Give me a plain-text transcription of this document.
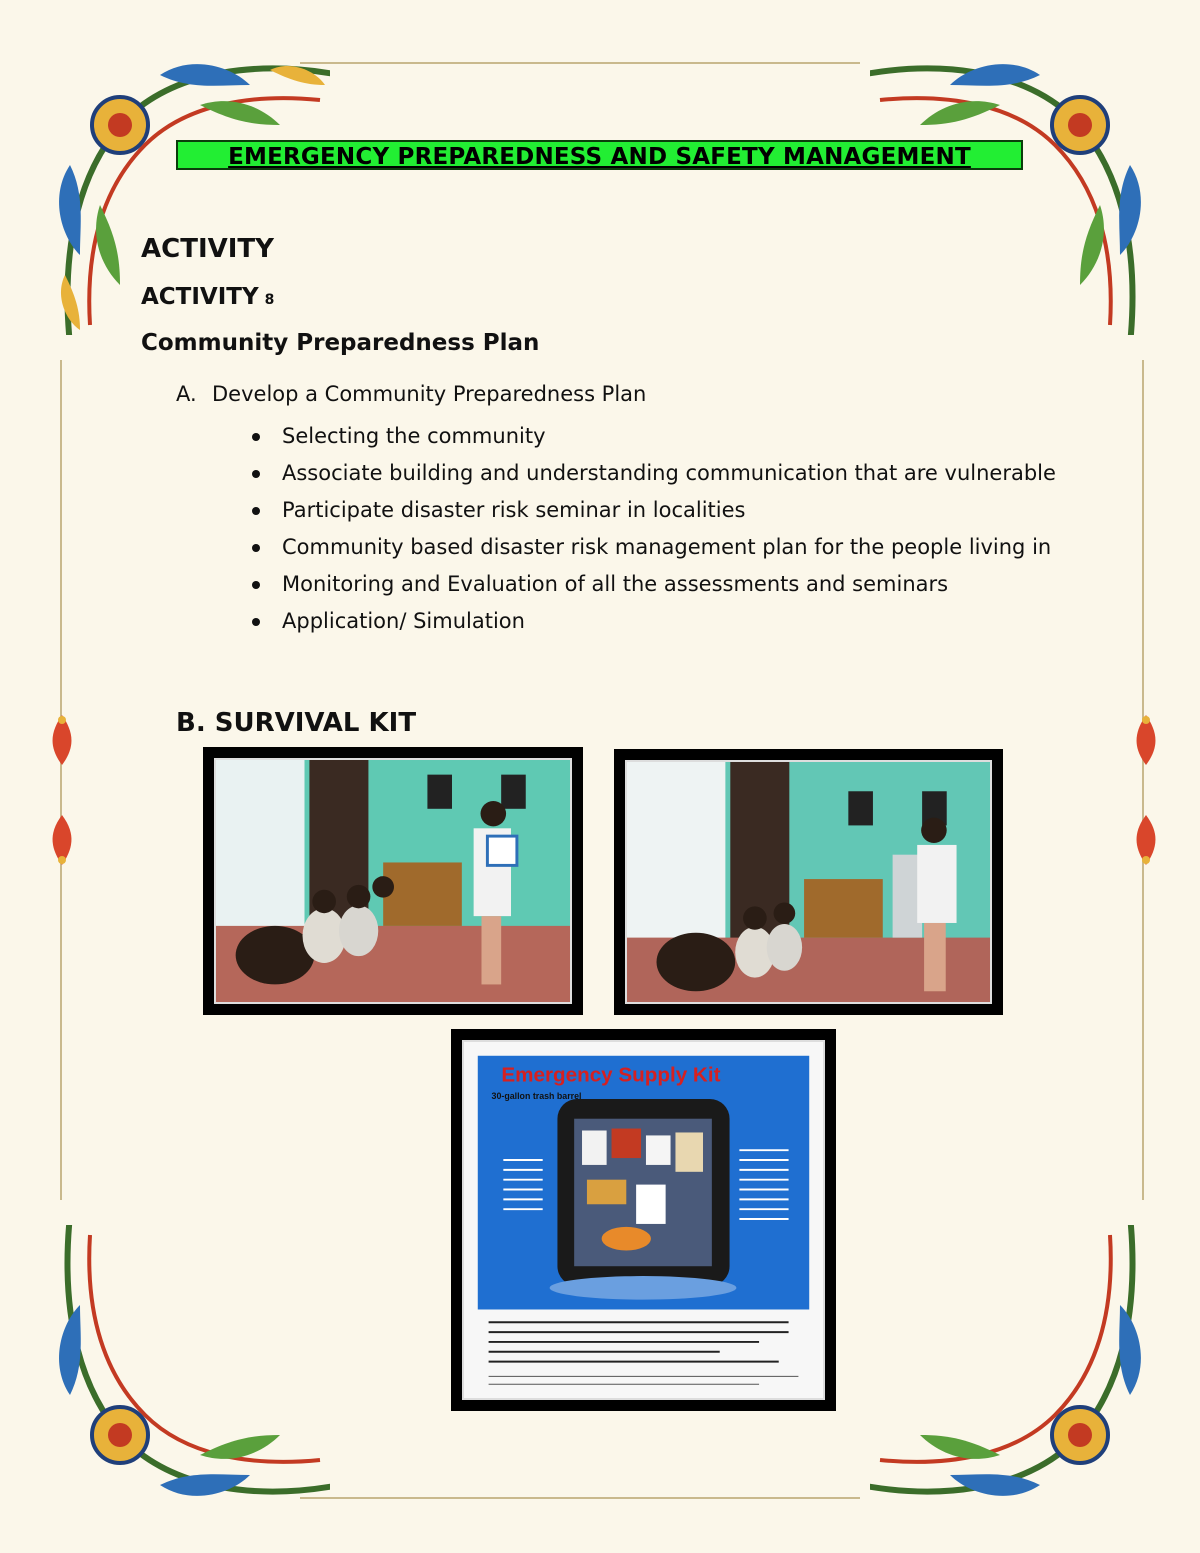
EMERGENCY PREPAREDNESS AND SAFETY MANAGEMENT
ACTIVITY
ACTIVITY 8
Community Preparedness Plan
A. Develop a Community Preparedness Plan
Selecting the community
Associate building and understanding communication that are vulnerable
Participate disaster risk seminar in localities
Community based disaster risk management plan for the people living in
Monitoring and Evaluation of all the assessments and seminars
Application/ Simulation
B. SURVIVAL KIT
Emergency Supply Kit
30-gallon trash barrel
